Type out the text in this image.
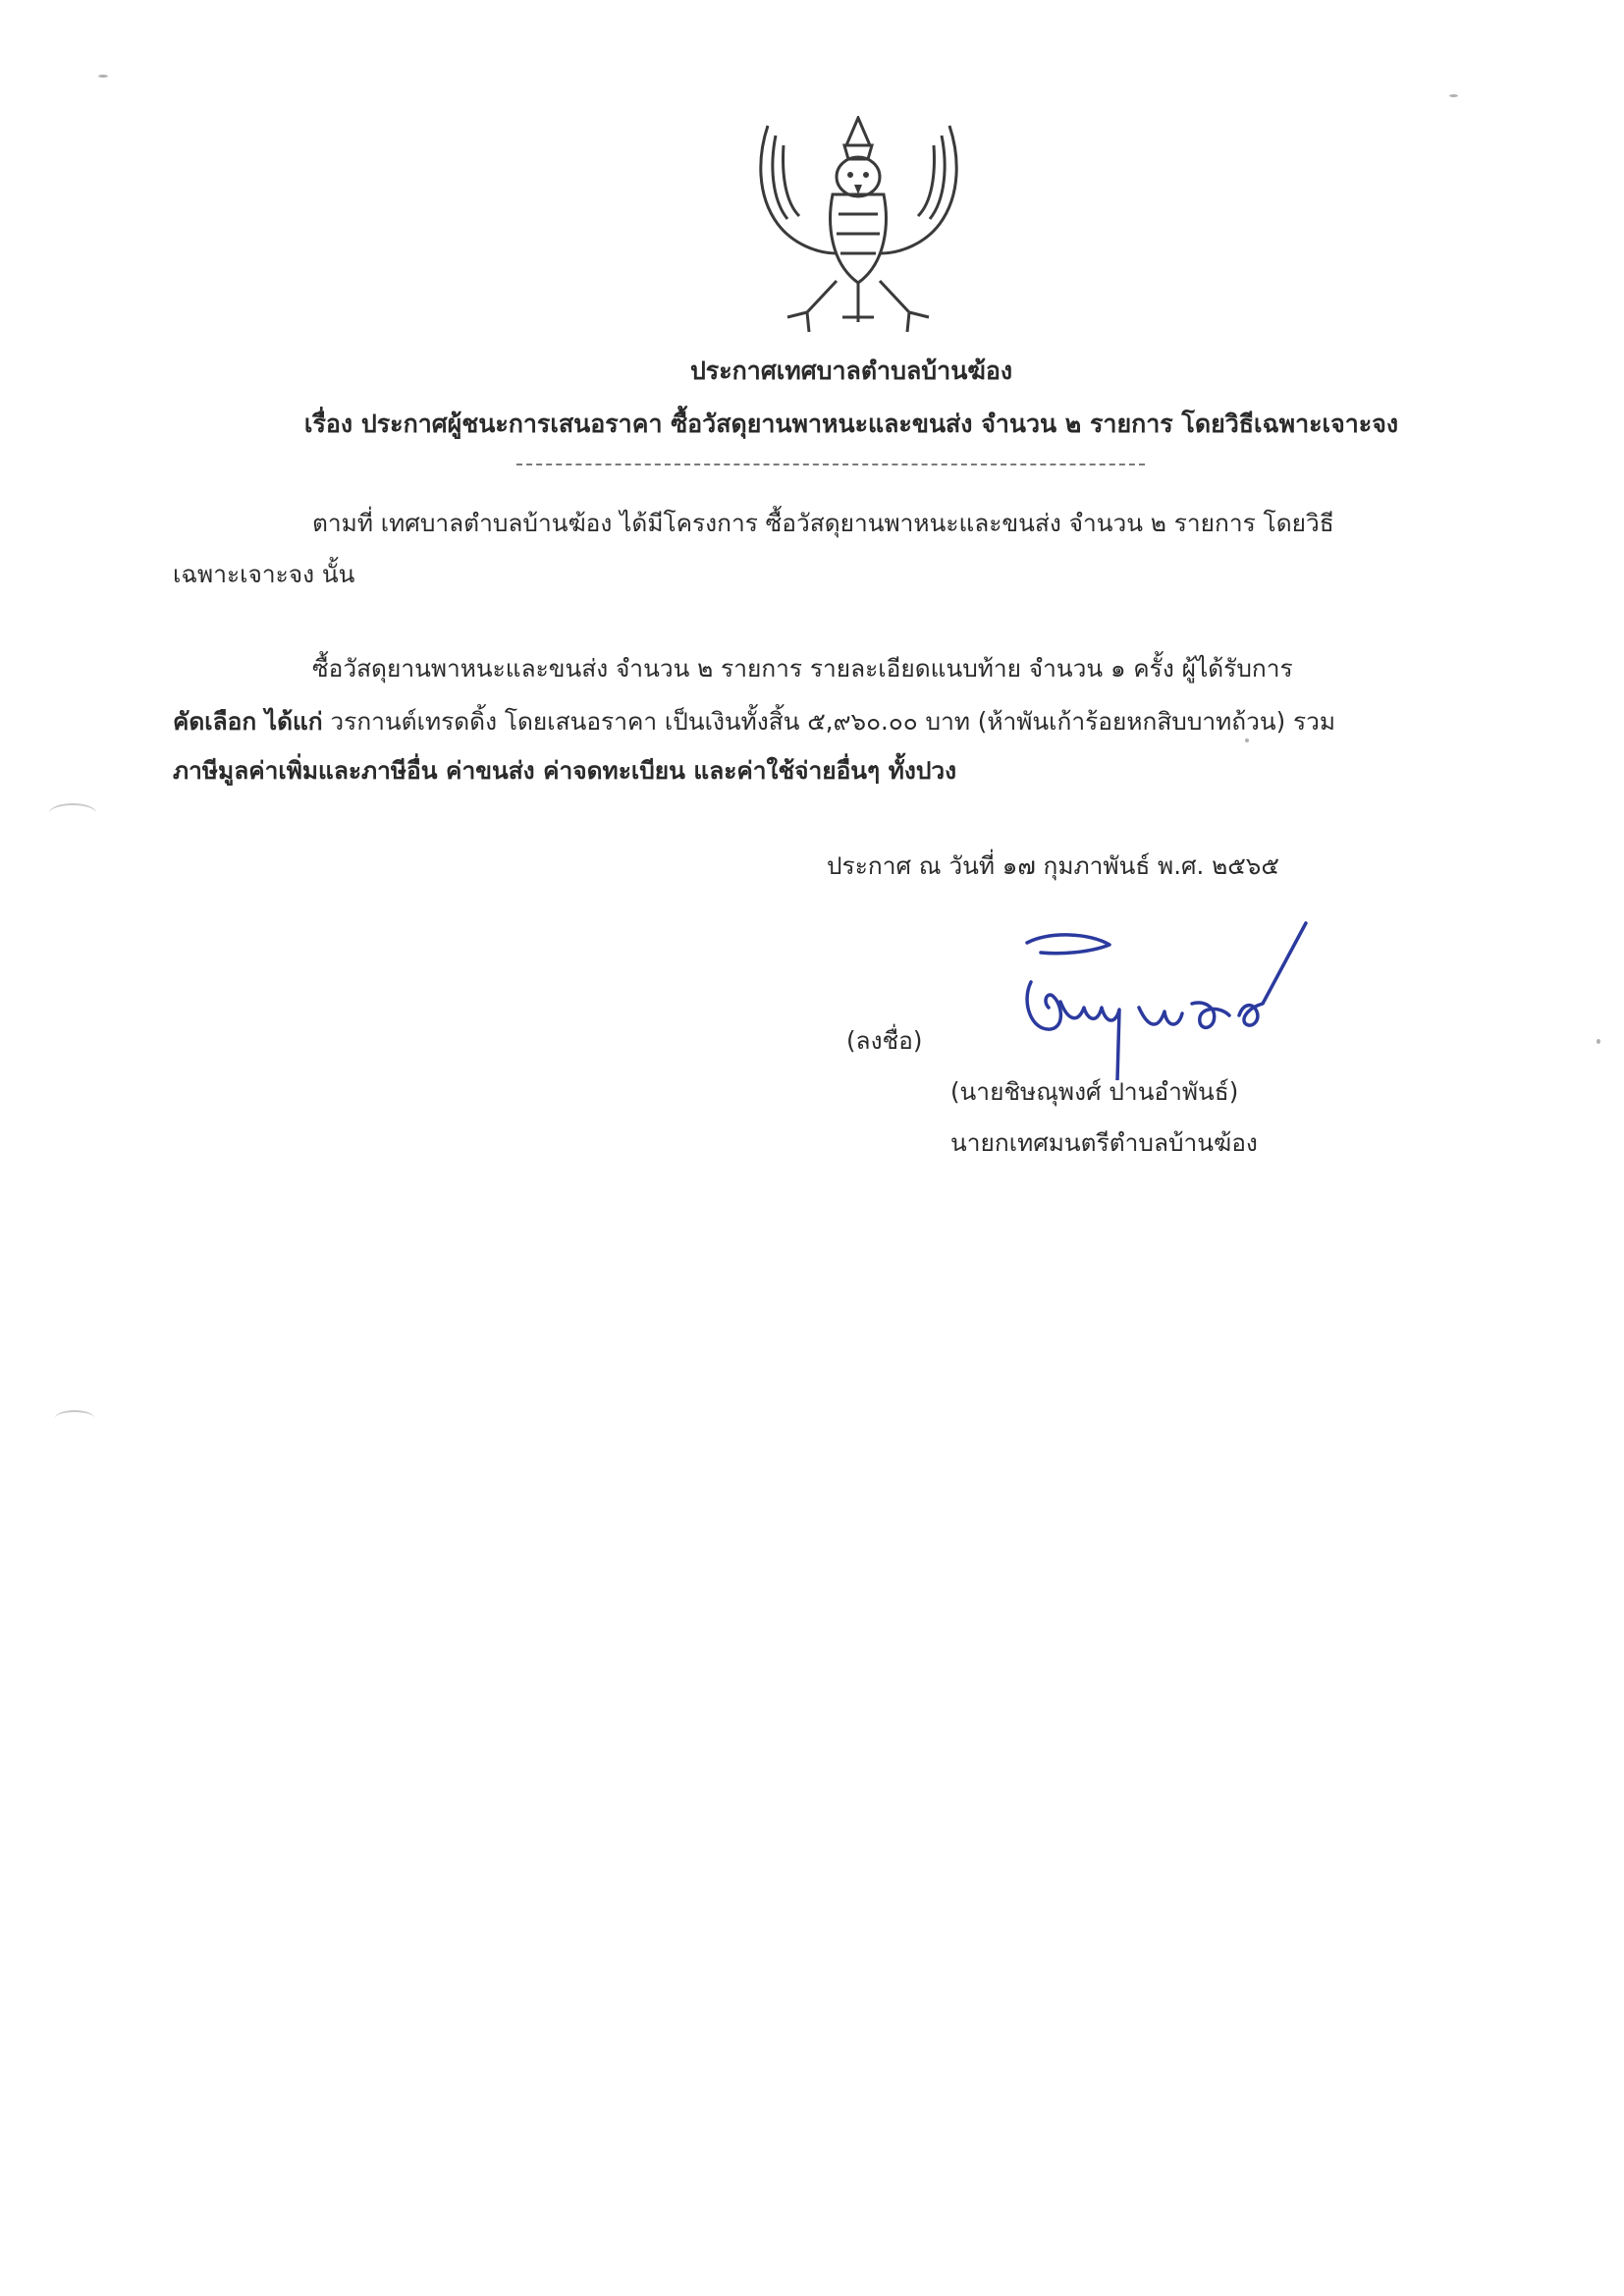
ประกาศเทศบาลตำบลบ้านฆ้อง
เรื่อง ประกาศผู้ชนะการเสนอราคา ซื้อวัสดุยานพาหนะและขนส่ง จำนวน ๒ รายการ โดยวิธีเฉพาะเจาะจง
ตามที่ เทศบาลตำบลบ้านฆ้อง ได้มีโครงการ ซื้อวัสดุยานพาหนะและขนส่ง จำนวน ๒ รายการ โดยวิธี
เฉพาะเจาะจง นั้น
ซื้อวัสดุยานพาหนะและขนส่ง จำนวน ๒ รายการ รายละเอียดแนบท้าย จำนวน ๑ ครั้ง ผู้ได้รับการ
คัดเลือก ได้แก่ วรกานต์เทรดดิ้ง โดยเสนอราคา เป็นเงินทั้งสิ้น ๕,๙๖๐.๐๐ บาท (ห้าพันเก้าร้อยหกสิบบาทถ้วน) รวม
ภาษีมูลค่าเพิ่มและภาษีอื่น ค่าขนส่ง ค่าจดทะเบียน และค่าใช้จ่ายอื่นๆ ทั้งปวง
ประกาศ ณ วันที่ ๑๗ กุมภาพันธ์ พ.ศ. ๒๕๖๕
(ลงชื่อ)
(นายชิษณุพงศ์ ปานอำพันธ์)
นายกเทศมนตรีตำบลบ้านฆ้อง
